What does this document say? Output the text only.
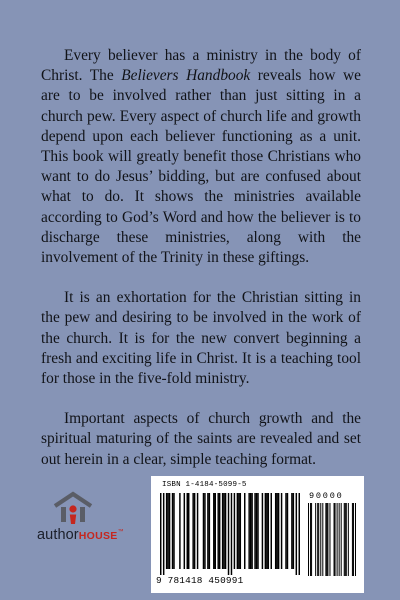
Every believer has a ministry in the body of Christ. The Believers Handbook reveals how we are to be involved rather than just sitting in a church pew. Every aspect of church life and growth depend upon each believer functioning as a unit. This book will greatly benefit those Christians who want to do Jesus’ bidding, but are confused about what to do. It shows the ministries available according to God’s Word and how the believer is to discharge these ministries, along with the involvement of the Trinity in these giftings.

It is an exhortation for the Christian sitting in the pew and desiring to be involved in the work of the church. It is for the new convert beginning a fresh and exciting life in Christ. It is a teaching tool for those in the five-fold ministry.

Important aspects of church growth and the spiritual maturing of the saints are revealed and set out herein in a clear, simple teaching format.

authorHOUSE™
ISBN 1-4184-5099-5
90000
9 781418 450991
